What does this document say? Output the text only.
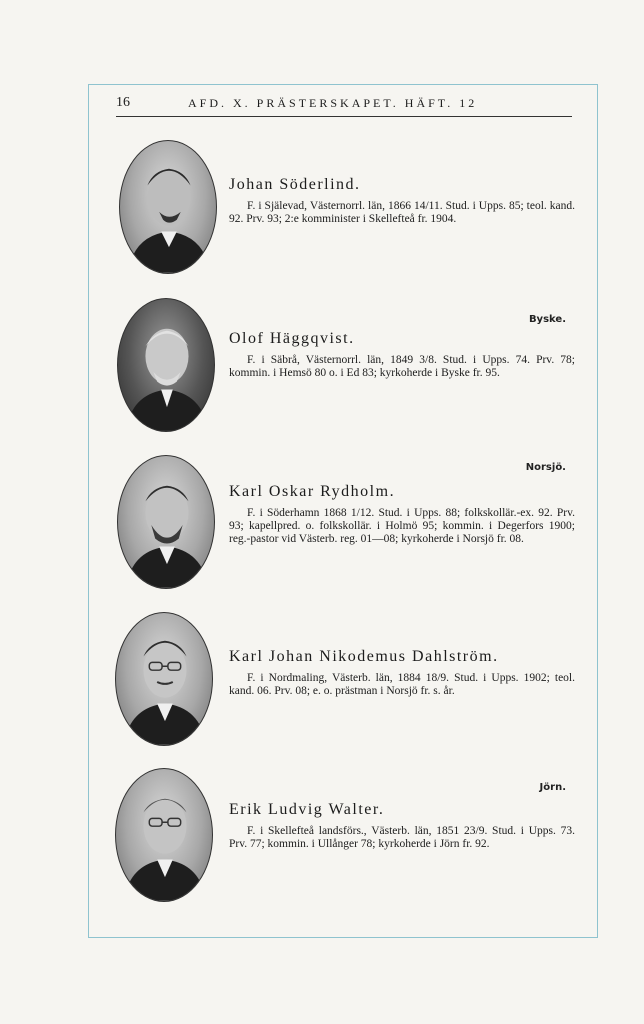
16	AFD. X. PRÄSTERSKAPET. HÄFT. 12
Johan Söderlind.
F. i Själevad, Västernorrl. län, 1866 14/11. Stud. i Upps. 85; teol. kand. 92. Prv. 93; 2:e komminister i Skellefteå fr. 1904.
Byske.
Olof Häggqvist.
F. i Säbrå, Västernorrl. län, 1849 3/8. Stud. i Upps. 74. Prv. 78; kommin. i Hemsö 80 o. i Ed 83; kyrkoherde i Byske fr. 95.
Norsjö.
Karl Oskar Rydholm.
F. i Söderhamn 1868 1/12. Stud. i Upps. 88; folkskollär.-ex. 92. Prv. 93; kapellpred. o. folkskollär. i Holmö 95; kommin. i Degerfors 1900; reg.-pastor vid Västerb. reg. 01—08; kyrkoherde i Norsjö fr. 08.
Karl Johan Nikodemus Dahlström.
F. i Nordmaling, Västerb. län, 1884 18/9. Stud. i Upps. 1902; teol. kand. 06. Prv. 08; e. o. prästman i Norsjö fr. s. år.
Jörn.
Erik Ludvig Walter.
F. i Skellefteå landsförs., Västerb. län, 1851 23/9. Stud. i Upps. 73. Prv. 77; kommin. i Ullånger 78; kyrkoherde i Jörn fr. 92.
